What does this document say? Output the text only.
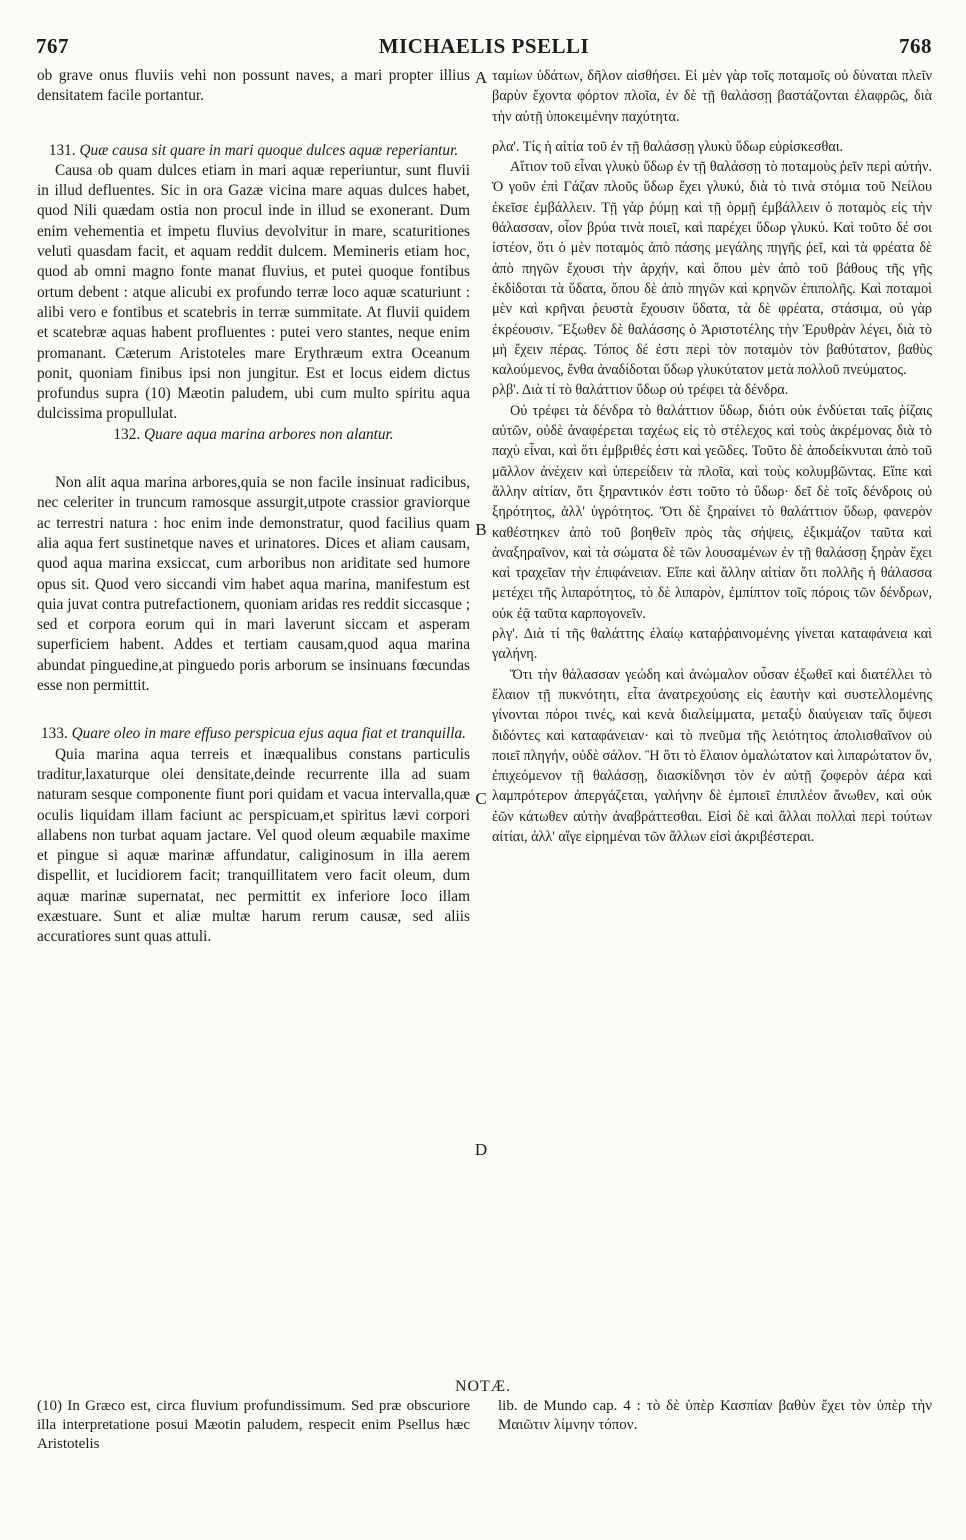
767	MICHAELIS PSELLI	768
A
B
C
D

ob grave onus fluviis vehi non possunt naves, a mari propter illius densitatem facile portantur.

131. Quæ causa sit quare in mari quoque dulces aquæ reperiantur.

Causa ob quam dulces etiam in mari aquæ reperiuntur, sunt fluvii in illud defluentes. Sic in ora Gazæ vicina mare aquas dulces habet, quod Nili quædam ostia non procul inde in illud se exonerant. Dum enim vehementia et impetu fluvius devolvitur in mare, scaturitiones veluti quasdam facit, et aquam reddit dulcem. Memineris etiam hoc, quod ab omni magno fonte manat fluvius, et putei quoque fontibus ortum debent : atque alicubi ex profundo terræ loco aquæ scaturiunt : alibi vero e fontibus et scatebris in terræ summitate. At fluvii quidem et scatebræ aquas habent profluentes : putei vero stantes, neque enim promanant. Cæterum Aristoteles mare Erythræum extra Oceanum ponit, quoniam finibus ipsi non jungitur. Est et locus eidem dictus profundus supra (10) Mæotin paludem, ubi cum multo spiritu aqua dulcissima propullulat.

132. Quare aqua marina arbores non alantur.

Non alit aqua marina arbores,quia se non facile insinuat radicibus, nec celeriter in truncum ramosque assurgit,utpote crassior graviorque ac terrestri natura : hoc enim inde demonstratur, quod facilius quam alia aqua fert sustinetque naves et urinatores. Dices et aliam causam, quod aqua marina exsiccat, cum arboribus non ariditate sed humore opus sit. Quod vero siccandi vim habet aqua marina, manifestum est quia juvat contra putrefactionem, quoniam aridas res reddit siccasque ; sed et corpora eorum qui in mari laverunt siccam et asperam superficiem habent. Addes et tertiam causam,quod aqua marina abundat pinguedine,at pinguedo poris arborum se insinuans fœcundas esse non permittit.

133. Quare oleo in mare effuso perspicua ejus aqua fiat et tranquilla.

Quia marina aqua terreis et inæqualibus constans particulis traditur,laxaturque olei densitate,deinde recurrente illa ad suam naturam sesque componente fiunt pori quidam et vacua intervalla,quæ oculis liquidam illam faciunt ac perspicuam,et spiritus lævi corpori allabens non turbat aquam jactare. Vel quod oleum æquabile maxime et pingue si aquæ marinæ affundatur, caliginosum in illa aerem dispellit, et lucidiorem facit; tranquillitatem vero facit oleum, dum aquæ marinæ supernatat, nec permittit ex inferiore loco illam exæstuare. Sunt et aliæ multæ harum rerum causæ, sed aliis accuratiores sunt quas attuli.

ταμίων ὑδάτων, δῆλον αἰσθήσει. Εἰ μὲν γὰρ τοῖς ποταμοῖς οὐ δύναται πλεῖν βαρὺν ἔχοντα φόρτον πλοῖα, ἐν δὲ τῇ θαλάσσῃ βαστάζονται ἐλαφρῶς, διὰ τὴν αὐτῇ ὑποκειμένην παχύτητα.

ρλα'. Τίς ἡ αἰτία τοῦ ἐν τῇ θαλάσσῃ γλυκὺ ὕδωρ εὑρίσκεσθαι.

Αἴτιον τοῦ εἶναι γλυκὺ ὕδωρ ἐν τῇ θαλάσσῃ τὸ ποταμοὺς ῥεῖν περὶ αὐτήν. Ὁ γοῦν ἐπὶ Γάζαν πλοῦς ὕδωρ ἔχει γλυκύ, διὰ τὸ τινὰ στόμια τοῦ Νείλου ἐκεῖσε ἐμβάλλειν. Τῇ γὰρ ῥύμῃ καὶ τῇ ὁρμῇ ἐμβάλλειν ὁ ποταμὸς εἰς τὴν θάλασσαν, οἷον βρύα τινὰ ποιεῖ, καὶ παρέχει ὕδωρ γλυκύ. Καὶ τοῦτο δέ σοι ἰστέον, ὅτι ὁ μὲν ποταμὸς ἀπὸ πάσης μεγάλης πηγῆς ῥεῖ, καὶ τὰ φρέατα δὲ ἀπὸ πηγῶν ἔχουσι τὴν ἀρχήν, καὶ ὅπου μὲν ἀπὸ τοῦ βάθους τῆς γῆς ἐκδίδοται τὰ ὕδατα, ὅπου δὲ ἀπὸ πηγῶν καὶ κρηνῶν ἐπιπολῆς. Καὶ ποταμοὶ μὲν καὶ κρῆναι ῥευστὰ ἔχουσιν ὕδατα, τὰ δὲ φρέατα, στάσιμα, οὐ γὰρ ἐκρέουσιν. Ἔξωθεν δὲ θαλάσσης ὁ Ἀριστοτέλης τὴν Ἐρυθρὰν λέγει, διὰ τὸ μὴ ἔχειν πέρας. Τόπος δέ ἐστι περὶ τὸν ποταμὸν τὸν βαθύτατον, βαθὺς καλούμενος, ἔνθα ἀναδίδοται ὕδωρ γλυκύτατον μετὰ πολλοῦ πνεύματος.

ρλβ'. Διὰ τί τὸ θαλάττιον ὕδωρ οὐ τρέφει τὰ δένδρα.

Οὐ τρέφει τὰ δένδρα τὸ θαλάττιον ὕδωρ, διότι οὐκ ἐνδύεται ταῖς ῥίζαις αὐτῶν, οὐδὲ ἀναφέρεται ταχέως εἰς τὸ στέλεχος καὶ τοὺς ἀκρέμονας διὰ τὸ παχὺ εἶναι, καὶ ὅτι ἐμβριθές ἐστι καὶ γεῶδες. Τοῦτο δὲ ἀποδείκνυται ἀπὸ τοῦ μᾶλλον ἀνέχειν καὶ ὑπερείδειν τὰ πλοῖα, καὶ τοὺς κολυμβῶντας. Εἴπε καὶ ἄλλην αἰτίαν, ὅτι ξηραντικόν ἐστι τοῦτο τὸ ὕδωρ· δεῖ δὲ τοῖς δένδροις οὐ ξηρότητος, ἀλλ' ὑγρότητος. Ὅτι δὲ ξηραίνει τὸ θαλάττιον ὕδωρ, φανερὸν καθέστηκεν ἀπὸ τοῦ βοηθεῖν πρὸς τὰς σήψεις, ἐξικμάζον ταῦτα καὶ ἀναξηραῖνον, καὶ τὰ σώματα δὲ τῶν λουσαμένων ἐν τῇ θαλάσσῃ ξηρὰν ἔχει καὶ τραχεῖαν τὴν ἐπιφάνειαν. Εἴπε καὶ ἄλλην αἰτίαν ὅτι πολλῆς ἡ θάλασσα μετέχει τῆς λιπαρότητος, τὸ δὲ λιπαρὸν, ἐμπίπτον τοῖς πόροις τῶν δένδρων, οὐκ ἐᾷ ταῦτα καρπογονεῖν.

ρλγ'. Διὰ τί τῆς θαλάττης ἐλαίῳ καταῤῥαινομένης γίνεται καταφάνεια καὶ γαλήνη.

Ὅτι τὴν θάλασσαν γεώδη καὶ ἀνώμαλον οὖσαν ἐξωθεῖ καὶ διατέλλει τὸ ἔλαιον τῇ πυκνότητι, εἶτα ἀνατρεχούσης εἰς ἑαυτὴν καὶ συστελλομένης γίνονται πόροι τινές, καὶ κενὰ διαλείμματα, μεταξὺ διαύγειαν ταῖς ὄψεσι διδόντες καὶ καταφάνειαν· καὶ τὸ πνεῦμα τῆς λειότητος ἀπολισθαῖνον οὐ ποιεῖ πληγήν, οὐδὲ σάλον. Ἢ ὅτι τὸ ἔλαιον ὁμαλώτατον καὶ λιπαρώτατον ὄν, ἐπιχεόμενον τῇ θαλάσσῃ, διασκίδνησι τὸν ἐν αὐτῇ ζοφερὸν ἀέρα καὶ λαμπρότερον ἀπεργάζεται, γαλήνην δὲ ἐμποιεῖ ἐπιπλέον ἄνωθεν, καὶ οὐκ ἐῶν κάτωθεν αὐτὴν ἀναβράττεσθαι. Εἰσὶ δὲ καὶ ἄλλαι πολλαὶ περὶ τούτων αἰτίαι, ἀλλ' αἵγε εἰρημέναι τῶν ἄλλων εἰσὶ ἀκριβέστεραι.

NOTÆ.

(10) In Græco est, circa fluvium profundissimum. Sed præ obscuriore illa interpretatione posui Mæotin paludem, respecit enim Psellus hæc Aristotelis

lib. de Mundo cap. 4 : τὸ δὲ ὑπὲρ Κασπίαν βαθὺν ἔχει τὸν ὑπὲρ τὴν Μαιῶτιν λίμνην τόπον.
